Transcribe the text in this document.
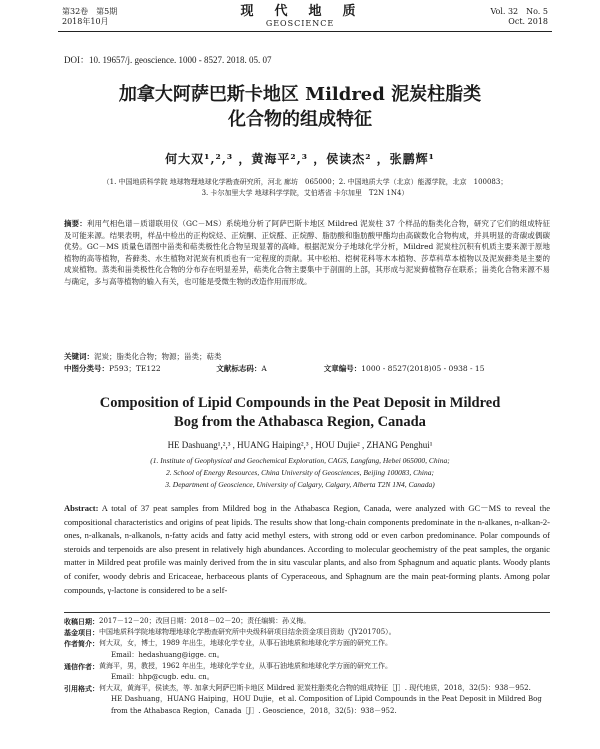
第32卷　第5期
2018年10月
现　代　地　质
GEOSCIENCE
Vol. 32　No. 5
Oct. 2018
DOI：10. 19657/j. geoscience. 1000 - 8527. 2018. 05. 07
加拿大阿萨巴斯卡地区 Mildred 泥炭柱脂类
化合物的组成特征
何大双¹,²,³ ，黄海平²,³ ，侯读杰² ，张鹏辉¹
（1. 中国地质科学院 地球物理地球化学勘查研究所，河北 廊坊　065000；2. 中国地质大学（北京）能源学院，北京　100083；
3. 卡尔加里大学 地球科学学院，艾伯塔省 卡尔加里　T2N 1N4）
摘要：利用气相色谱－质谱联用仪（GC－MS）系统地分析了阿萨巴斯卡地区 Mildred 泥炭柱 37 个样品的脂类化合物，研究了它们的组成特征及可能来源。结果表明，样品中检出的正构烷烃、正烷酮、正烷醛、正烷醇、脂肪酸和脂肪酸甲酯均由高碳数化合物构成，并具明显的奇碳或偶碳优势。GC－MS 质量色谱图中甾类和萜类极性化合物呈现显著的高峰。根据泥炭分子地球化学分析，Mildred 泥炭柱沉积有机质主要来源于原地植物的高等植物，苔藓类、水生植物对泥炭有机质也有一定程度的贡献。其中松柏、桤树花科等木本植物、莎草科草本植物以及泥炭藓类是主要的成炭植物。蒸类和甾类极性化合物的分布存在明显差异，萜类化合物主要集中于剖面的上部，其形成与泥炭藓植物存在联系；甾类化合物来源不易与确定，多与高等植物的输入有关，也可能是受微生物的改造作用而形成。
关键词：泥炭；脂类化合物；物源；甾类；萜类
中图分类号：P593；TE122	文献标志码：A	文章编号：1000 - 8527(2018)05 - 0938 - 15
Composition of Lipid Compounds in the Peat Deposit in Mildred
Bog from the Athabasca Region, Canada
HE Dashuang¹,²,³ , HUANG Haiping²,³ , HOU Dujie² , ZHANG Penghui¹
(1. Institute of Geophysical and Geochemical Exploration, CAGS, Langfang, Hebei 065000, China;
2. School of Energy Resources, China University of Geosciences, Beijing 100083, China;
3. Department of Geoscience, University of Calgary, Calgary, Alberta T2N 1N4, Canada)
Abstract: A total of 37 peat samples from Mildred bog in the Athabasca Region, Canada, were analyzed with GC－MS to reveal the compositional characteristics and origins of peat lipids. The results show that long-chain components predominate in the n-alkanes, n-alkan-2-ones, n-alkanals, n-alkanols, n-fatty acids and fatty acid methyl esters, with strong odd or even carbon predominance. Polar compounds of steroids and terpenoids are also present in relatively high abundances. According to molecular geochemistry of the peat samples, the organic matter in Mildred peat profile was mainly derived from the in situ vascular plants, and also from Sphagnum and aquatic plants. Woody plants of conifer, woody debris and Ericaceae, herbaceous plants of Cyperaceous, and Sphagnum are the main peat-forming plants. Among polar compounds, γ-lactone is considered to be a self-
收稿日期： 2017－12－20；改回日期：2018－02－20；责任编辑：孙义梅。
基金项目： 中国地质科学院地球物理地球化学勘查研究所中央级科研项目结余资金项目资助（JY201705）。
作者简介： 何大双，女，博士，1989 年出生，地球化学专业，从事石油地质和地球化学方面的研究工作。
Email：hedashuang@igge. cn。
通信作者： 黄海平，男，教授，1962 年出生，地球化学专业，从事石油地质和地球化学方面的研究工作。
Email：hhp@cugb. edu. cn。
引用格式： 何大双，黄海平，侯读杰，等. 加拿大阿萨巴斯卡地区 Mildred 泥炭柱脂类化合物的组成特征［J］. 现代地质，2018，32(5)：938－952.
HE Dashuang，HUANG Haiping，HOU Dujie，et al. Composition of Lipid Compounds in the Peat Deposit in Mildred Bog from the Athabasca Region，Canada［J］. Geoscience，2018，32(5)：938－952.
